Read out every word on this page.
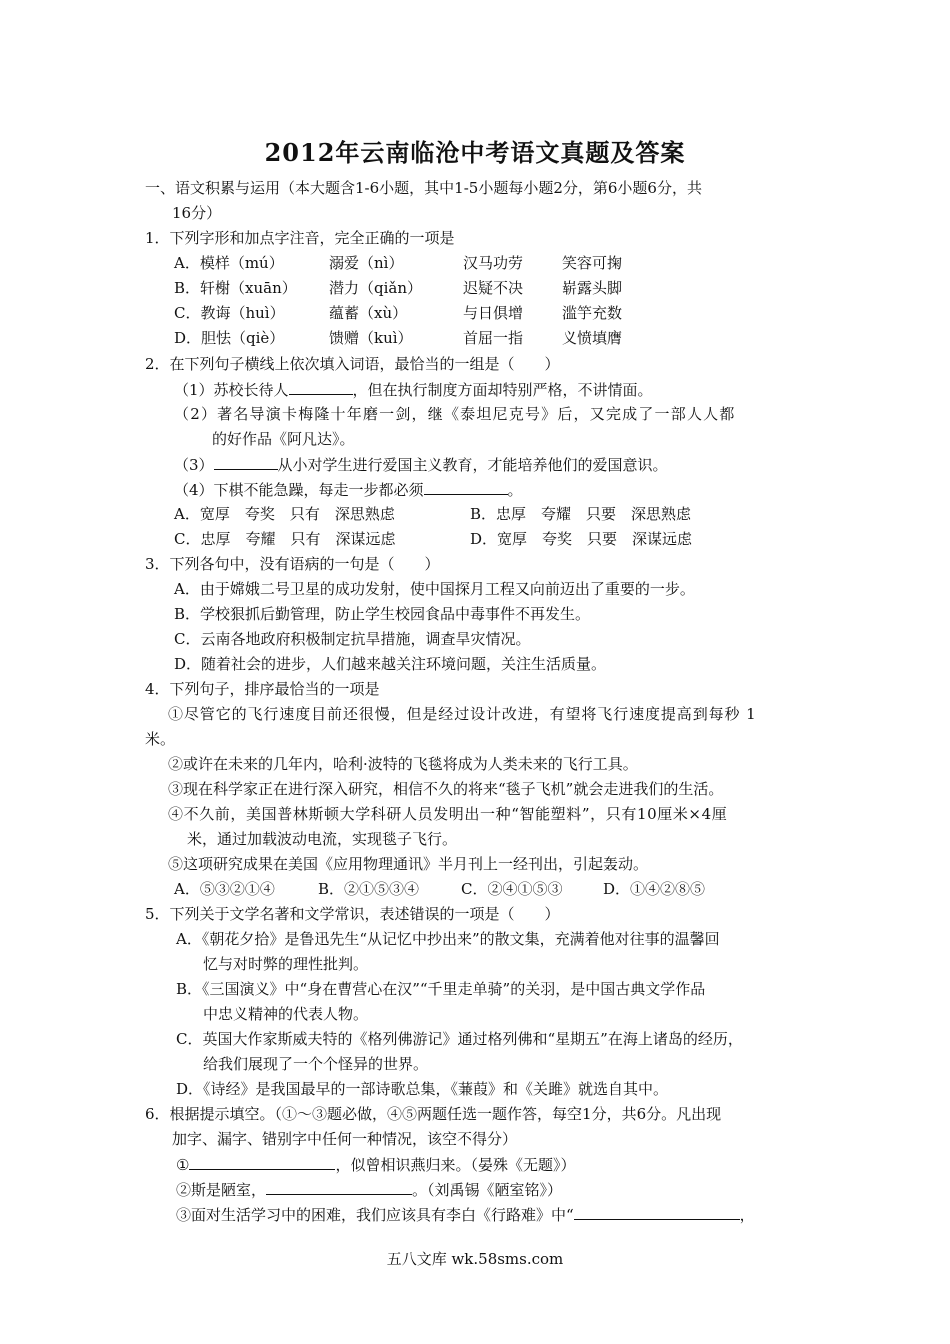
2012年云南临沧中考语文真题及答案
一、语文积累与运用（本大题含1-6小题，其中1-5小题每小题2分，第6小题6分，共
16分）
1．下列字形和加点字注音，完全正确的一项是
A．模样（mú）	溺爱（nì）	汉马功劳	笑容可掬
B．轩榭（xuān） 潜力（qiǎn）	迟疑不决	崭露头脚
C．教诲（huì）	蕴蓄（xù）	与日俱增	滥竽充数
D．胆怯（qiè）	馈赠（kuì）	首屈一指	义愤填膺
2．在下列句子横线上依次填入词语，最恰当的一组是（　　）
（1）苏校长待人	，但在执行制度方面却特别严格，不讲情面。
（2）著名导演卡梅隆十年磨一剑，继《泰坦尼克号》后，又完成了一部人人都
的好作品《阿凡达》。
（3）	从小对学生进行爱国主义教育，才能培养他们的爱国意识。
（4）下棋不能急躁，每走一步都必须	。
A．宽厚　夸奖　只有　深思熟虑	B．忠厚　夸耀　只要　深思熟虑
C．忠厚　夸耀　只有　深谋远虑	D．宽厚　夸奖　只要　深谋远虑
3．下列各句中，没有语病的一句是（　　）
A．由于嫦娥二号卫星的成功发射，使中国探月工程又向前迈出了重要的一步。
B．学校狠抓后勤管理，防止学生校园食品中毒事件不再发生。
C．云南各地政府积极制定抗旱措施，调查旱灾情况。
D．随着社会的进步，人们越来越关注环境问题，关注生活质量。
4．下列句子，排序最恰当的一项是
①尽管它的飞行速度目前还很慢，但是经过设计改进，有望将飞行速度提高到每秒 1
米。
②或许在未来的几年内，哈利·波特的飞毯将成为人类未来的飞行工具。
③现在科学家正在进行深入研究，相信不久的将来“毯子飞机”就会走进我们的生活。
④不久前，美国普林斯顿大学科研人员发明出一种“智能塑料”，只有10厘米×4厘
米，通过加载波动电流，实现毯子飞行。
⑤这项研究成果在美国《应用物理通讯》半月刊上一经刊出，引起轰动。
A．⑤③②①④	B．②①⑤③④	C．②④①⑤③	D．①④②⑧⑤
5．下列关于文学名著和文学常识，表述错误的一项是（　　）
A．《朝花夕拾》是鲁迅先生“从记忆中抄出来”的散文集，充满着他对往事的温馨回
忆与对时弊的理性批判。
B．《三国演义》中“身在曹营心在汉”“千里走单骑”的关羽，是中国古典文学作品
中忠义精神的代表人物。
C．英国大作家斯威夫特的《格列佛游记》通过格列佛和“星期五”在海上诸岛的经历，
给我们展现了一个个怪异的世界。
D．《诗经》是我国最早的一部诗歌总集，《蒹葭》和《关雎》就选自其中。
6．根据提示填空。（①～③题必做，④⑤两题任选一题作答，每空1分，共6分。凡出现
加字、漏字、错别字中任何一种情况，该空不得分）
①	，似曾相识燕归来。（晏殊《无题》）
②斯是陋室，	。（刘禹锡《陋室铭》）
③面对生活学习中的困难，我们应该具有李白《行路难》中“	，
五八文库 wk.58sms.com
